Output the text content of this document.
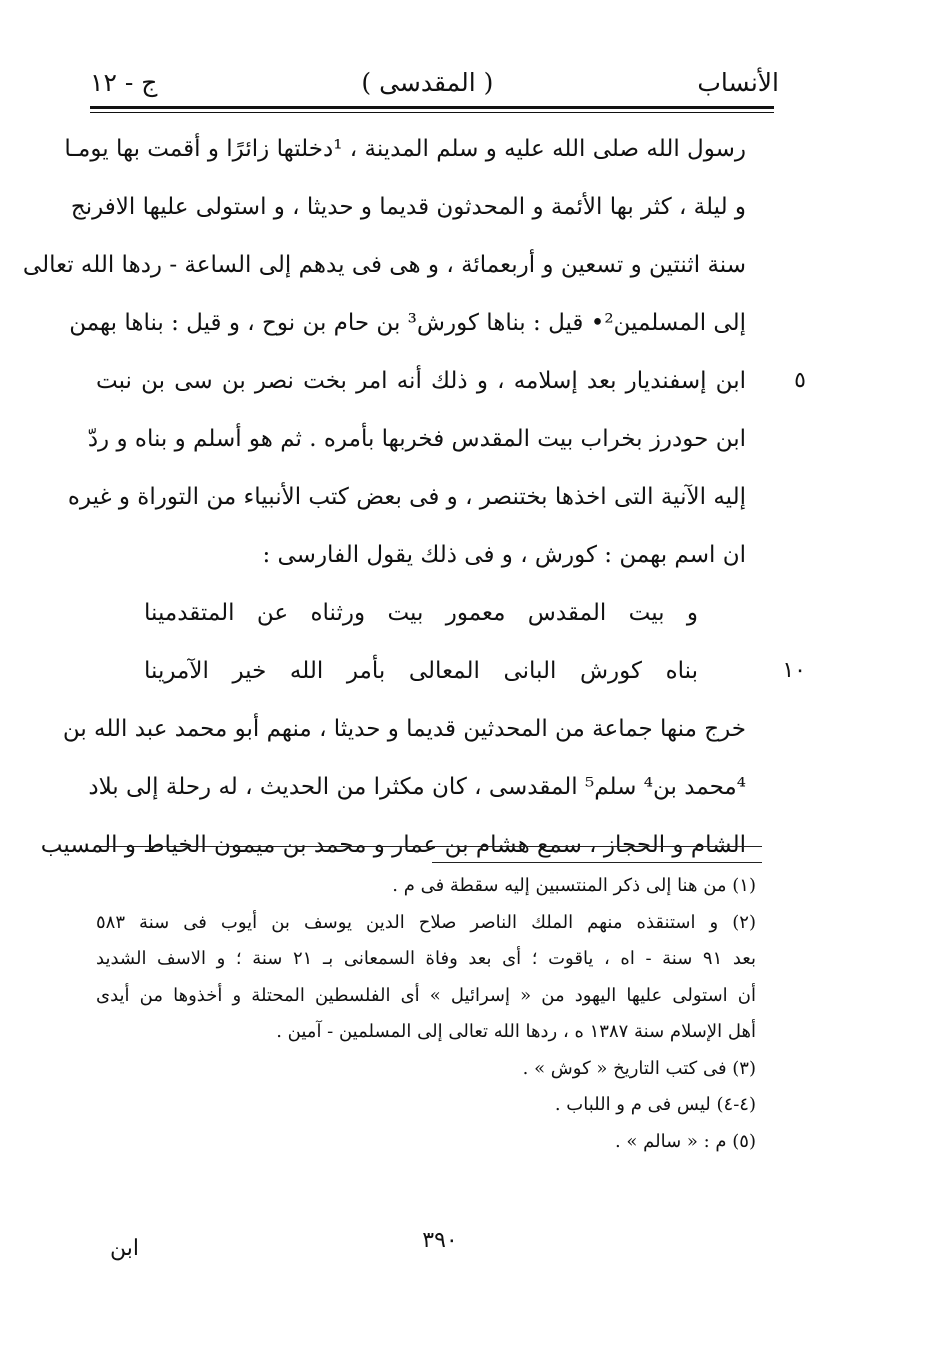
الأنساب
( المقدسى )
ج - ١٢
رسول الله صلى الله عليه و سلم المدينة ، ¹دخلتها زائرًا و أقمت بها يومـا
و ليلة ، كثر بها الأئمة و المحدثون قديما و حديثا ، و استولى عليها الافرنج
سنة اثنتين و تسعين و أربعمائة ، و هى فى يدهم إلى الساعة - ردها الله تعالى
إلى المسلمين²• قيل : بناها كورش³ بن حام بن نوح ، و قيل : بناها بهمن
ابن إسفنديار بعد إسلامه ، و ذلك أنه امر بخت نصر بن سى بن نبت	٥
ابن حودرز بخراب بيت المقدس فخربها بأمره . ثم هو أسلم و بناه و ردّ
إليه الآنية التى اخذها بختنصر ، و فى بعض كتب الأنبياء من التوراة و غيره
ان اسم بهمن : كورش ، و فى ذلك يقول الفارسى :
و بيت المقدس معمور بيت ورثناه عن المتقدمينا
بناه كورش البانى المعالى بأمر الله خير الآمرينا	١٠
خرج منها جماعة من المحدثين قديما و حديثا ، منهم أبو محمد عبد الله بن
⁴محمد بن⁴ سلم⁵ المقدسى ، كان مكثرا من الحديث ، له رحلة إلى بلاد
الشام و الحجاز ، سمع هشام بن عمار و محمد بن ميمون الخياط و المسيب
(١) من هنا إلى ذكر المنتسبين إليه سقطة فى م .
(٢) و استنقذه منهم الملك الناصر صلاح الدين يوسف بن أيوب فى سنة ٥٨٣
بعد ٩١ سنة - اه ، ياقوت ؛ أى بعد وفاة السمعانى بـ ٢١ سنة ؛ و الاسف الشديد
أن استولى عليها اليهود من « إسرائيل » أى الفلسطين المحتلة و أخذوها من أيدى
أهل الإسلام سنة ١٣٨٧ ه ، ردها الله تعالى إلى المسلمين - آمين .
(٣) فى كتب التاريخ « كوش » .
(٤-٤) ليس فى م و اللباب .
(٥) م : « سالم » .
٣٩٠
ابن
